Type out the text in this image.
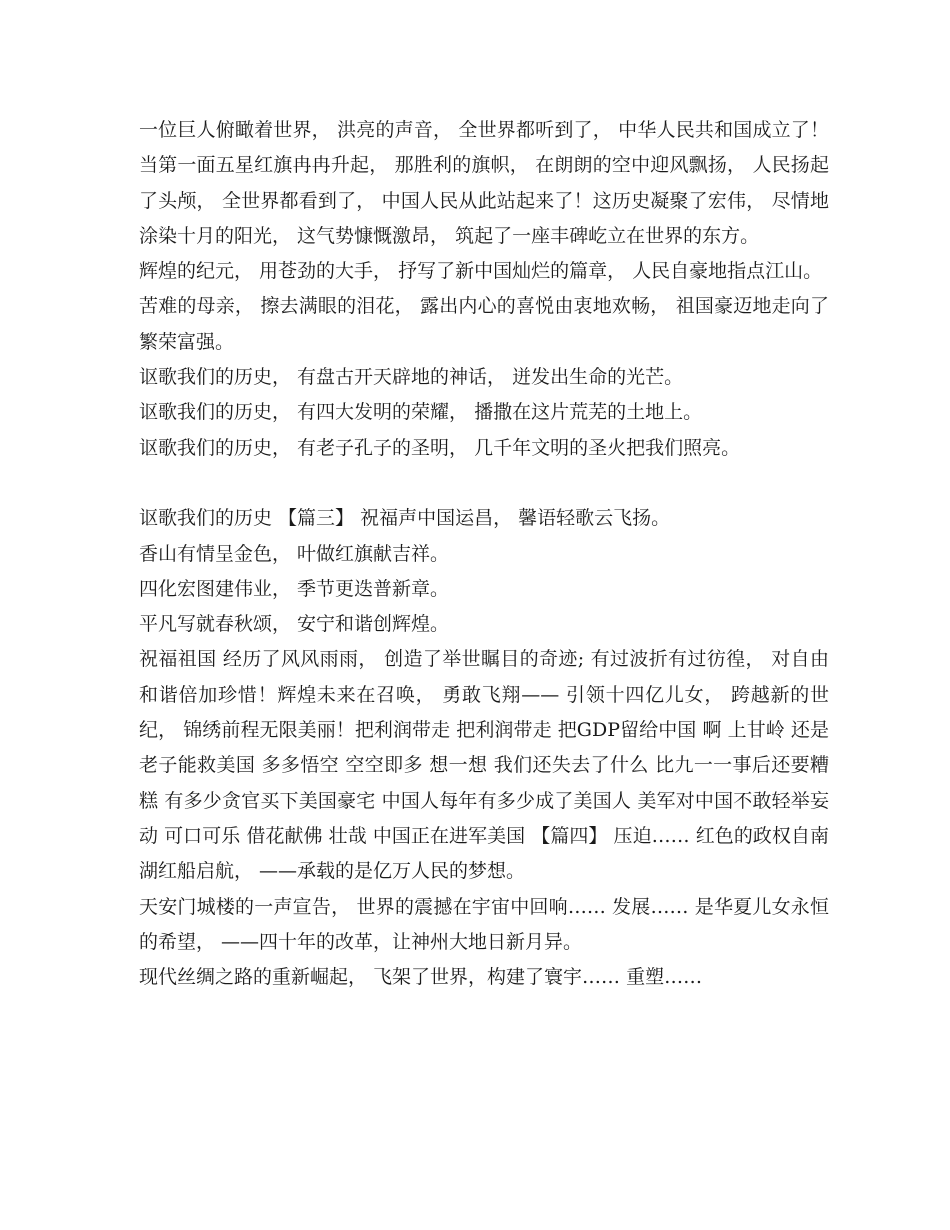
一位巨人俯瞰着世界， 洪亮的声音， 全世界都听到了， 中华人民共和国成立了！当第一面五星红旗冉冉升起， 那胜利的旗帜， 在朗朗的空中迎风飘扬， 人民扬起了头颅， 全世界都看到了， 中国人民从此站起来了！这历史凝聚了宏伟， 尽情地涂染十月的阳光， 这气势慷慨激昂， 筑起了一座丰碑屹立在世界的东方。

辉煌的纪元， 用苍劲的大手， 抒写了新中国灿烂的篇章， 人民自豪地指点江山。

苦难的母亲， 擦去满眼的泪花， 露出内心的喜悦由衷地欢畅， 祖国豪迈地走向了繁荣富强。

讴歌我们的历史， 有盘古开天辟地的神话， 迸发出生命的光芒。

讴歌我们的历史， 有四大发明的荣耀， 播撒在这片荒芜的土地上。

讴歌我们的历史， 有老子孔子的圣明， 几千年文明的圣火把我们照亮。

讴歌我们的历史 【篇三】 祝福声中国运昌， 馨语轻歌云飞扬。

香山有情呈金色， 叶做红旗献吉祥。

四化宏图建伟业， 季节更迭普新章。

平凡写就春秋颂， 安宁和谐创辉煌。

祝福祖国 经历了风风雨雨， 创造了举世瞩目的奇迹; 有过波折有过彷徨， 对自由和谐倍加珍惜！辉煌未来在召唤， 勇敢飞翔—— 引领十四亿儿女， 跨越新的世纪， 锦绣前程无限美丽！把利润带走 把利润带走 把GDP留给中国 啊 上甘岭 还是老子能救美国 多多悟空 空空即多 想一想 我们还失去了什么 比九一一事后还要糟糕 有多少贪官买下美国豪宅 中国人每年有多少成了美国人 美军对中国不敢轻举妄动 可口可乐 借花献佛 壮哉 中国正在进军美国 【篇四】 压迫…… 红色的政权自南湖红船启航， ——承载的是亿万人民的梦想。

天安门城楼的一声宣告， 世界的震撼在宇宙中回响…… 发展…… 是华夏儿女永恒的希望， ——四十年的改革，让神州大地日新月异。

现代丝绸之路的重新崛起， 飞架了世界，构建了寰宇…… 重塑……
